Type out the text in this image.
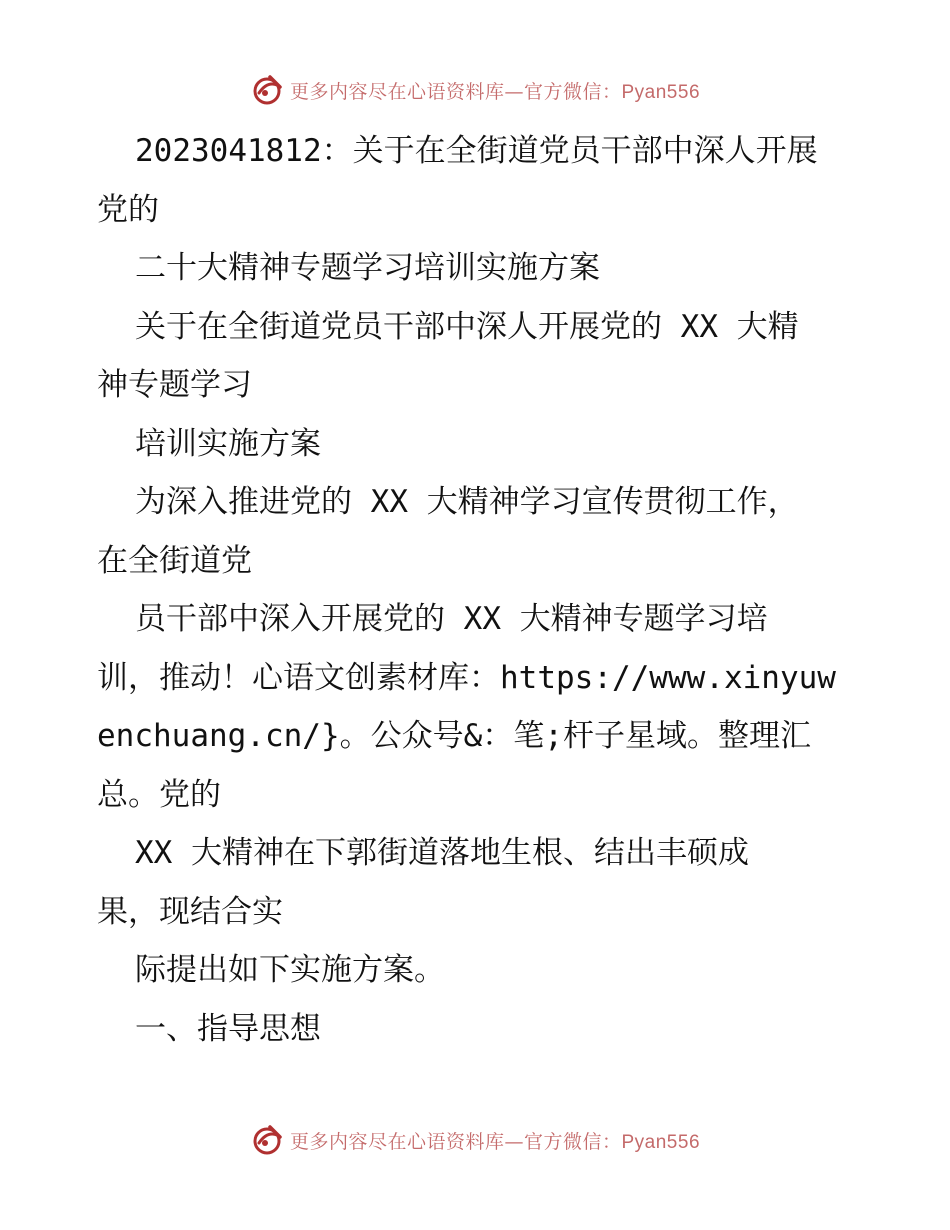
更多内容尽在心语资料库—官方微信：Pyan556
2023041812：关于在全街道党员干部中深人开展
党的
二十大精神专题学习培训实施方案
关于在全街道党员干部中深人开展党的 XX 大精
神专题学习
培训实施方案
为深入推进党的 XX 大精神学习宣传贯彻工作，
在全街道党
员干部中深入开展党的 XX 大精神专题学习培
训，推动！心语文创素材库：https://www.xinyuw
enchuang.cn/}。公众号&：笔;杆子星域。整理汇
总。党的
XX 大精神在下郭街道落地生根、结出丰硕成
果，现结合实
际提出如下实施方案。
一、指导思想
更多内容尽在心语资料库—官方微信：Pyan556
